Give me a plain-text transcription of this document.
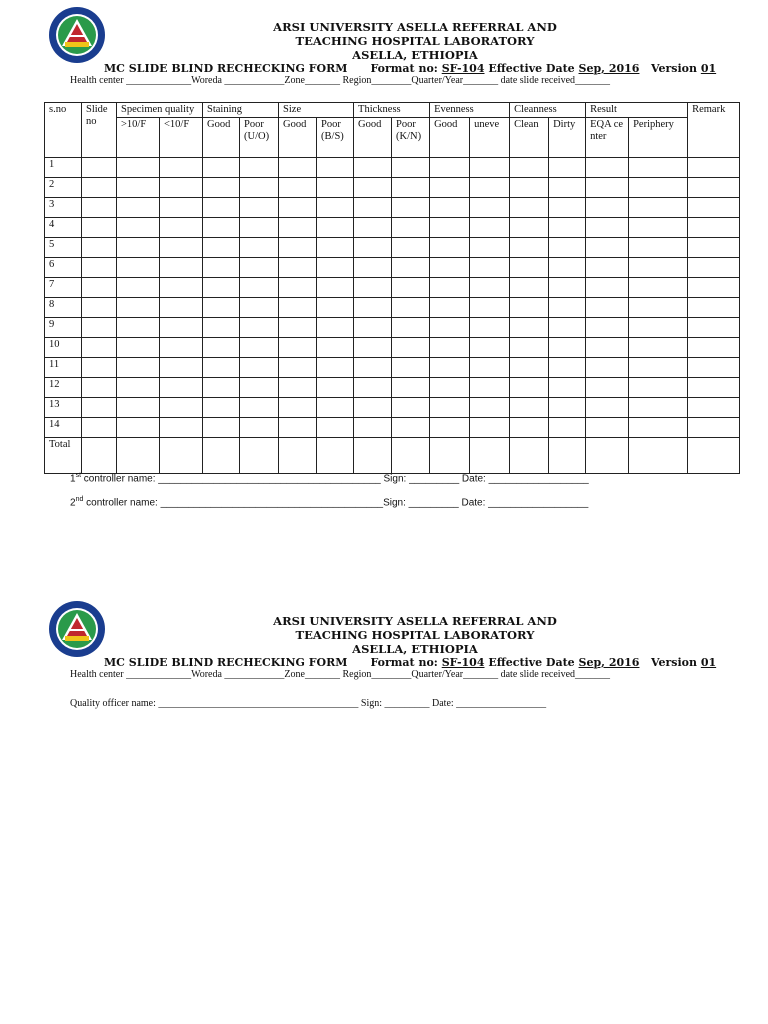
ARSI UNIVERSITY ASELLA REFERRAL AND
TEACHING HOSPITAL LABORATORY
ASELLA, ETHIOPIA
MC SLIDE BLIND RECHECKING FORM Format no: SF-104 Effective Date Sep, 2016 Version 01
Health center _____________Woreda ____________Zone_______ Region________Quarter/Year_______ date slide received_______
s.no	Slide no	Specimen quality		Staining		Size		Thickness		Evenness		Cleanness		Result		Remark
		>10/F	<10/F	Good	Poor (U/O)	Good	Poor (B/S)	Good	Poor (K/N)	Good	uneve	Clean	Dirty	EQA center	Periphery	
1																
2																
3																
4																
5																
6																
7																
8																
9																
10																
11																
12																
13																
14																
Total																
1st controller name: ________________________________________ Sign: _________ Date: __________________
2nd controller name: ________________________________________Sign: _________ Date: __________________
ARSI UNIVERSITY ASELLA REFERRAL AND
TEACHING HOSPITAL LABORATORY
ASELLA, ETHIOPIA
MC SLIDE BLIND RECHECKING FORM Format no: SF-104 Effective Date Sep, 2016 Version 01
Health center _____________Woreda ____________Zone_______ Region________Quarter/Year_______ date slide received_______
Quality officer name: ________________________________________ Sign: _________ Date: __________________
